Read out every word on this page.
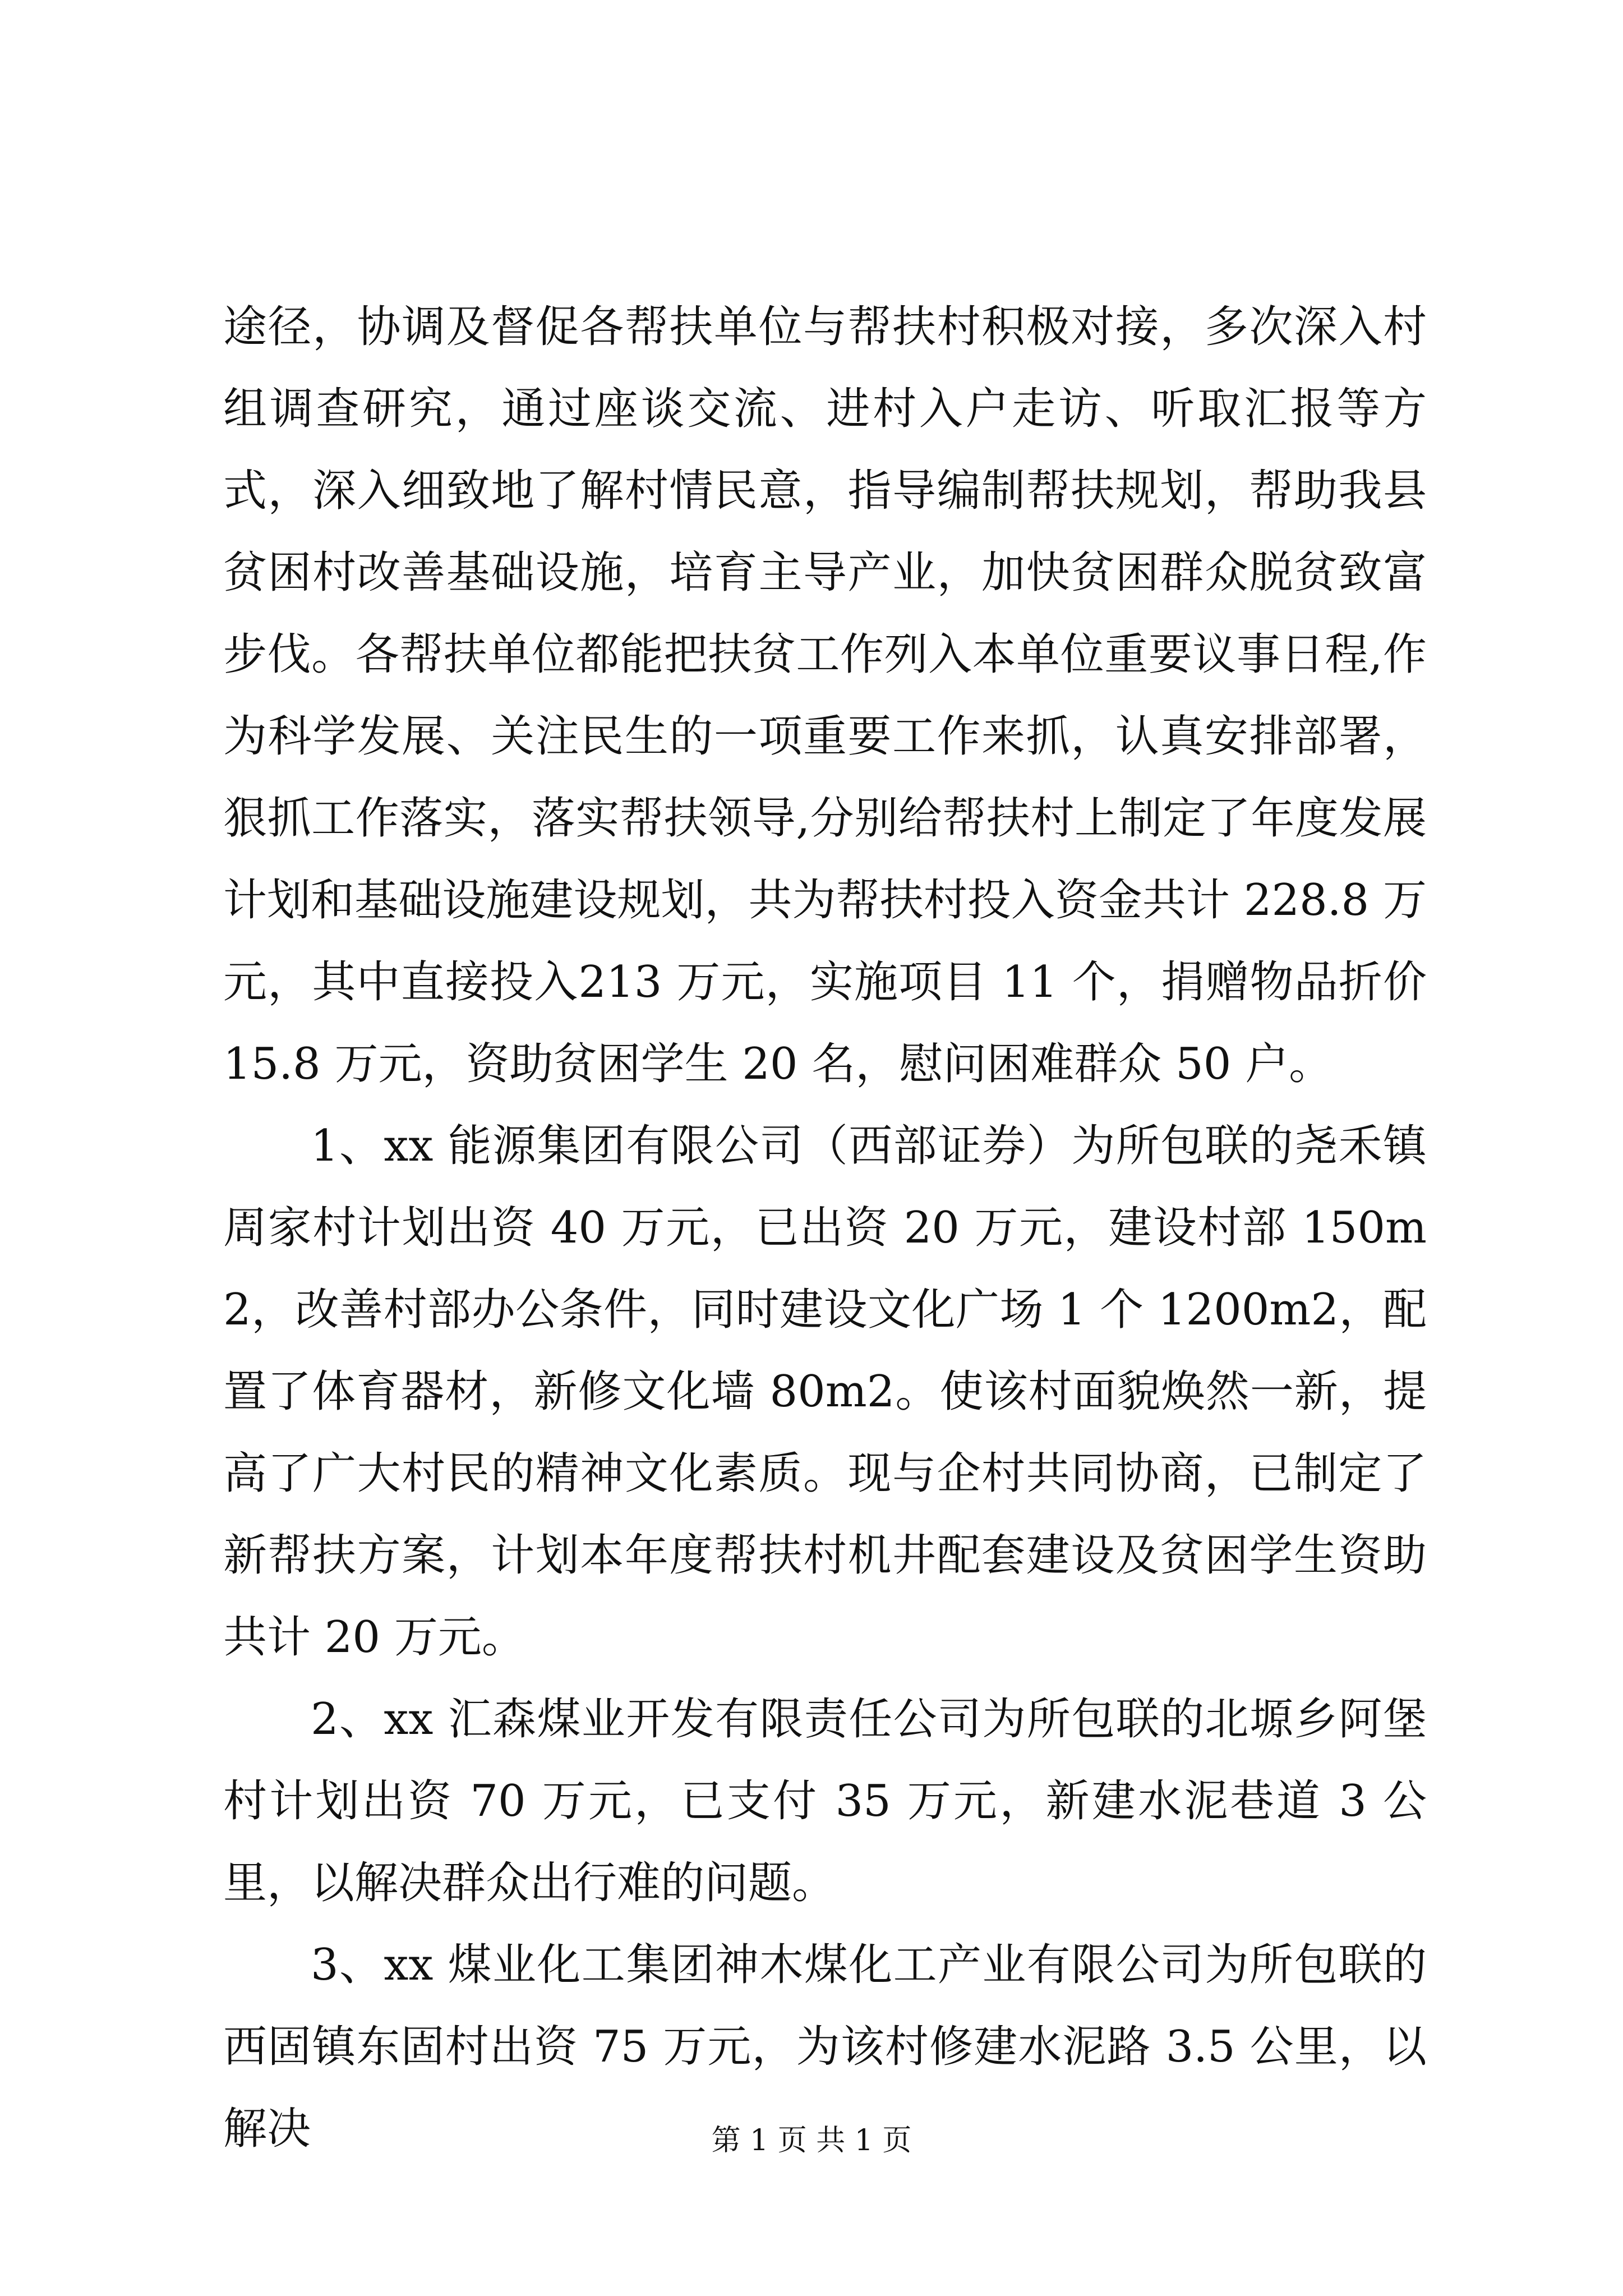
途径，协调及督促各帮扶单位与帮扶村积极对接，多次深入村组调查研究，通过座谈交流、进村入户走访、听取汇报等方式，深入细致地了解村情民意，指导编制帮扶规划，帮助我县贫困村改善基础设施，培育主导产业，加快贫困群众脱贫致富步伐。各帮扶单位都能把扶贫工作列入本单位重要议事日程,作为科学发展、关注民生的一项重要工作来抓，认真安排部署，狠抓工作落实，落实帮扶领导,分别给帮扶村上制定了年度发展计划和基础设施建设规划，共为帮扶村投入资金共计 228.8 万元，其中直接投入213 万元，实施项目 11 个，捐赠物品折价 15.8 万元，资助贫困学生 20 名，慰问困难群众 50 户。

1、xx 能源集团有限公司（西部证券）为所包联的尧禾镇周家村计划出资 40 万元，已出资 20 万元，建设村部 150m2，改善村部办公条件，同时建设文化广场 1 个 1200m2，配置了体育器材，新修文化墙 80m2。使该村面貌焕然一新，提高了广大村民的精神文化素质。现与企村共同协商，已制定了新帮扶方案，计划本年度帮扶村机井配套建设及贫困学生资助共计 20 万元。

2、xx 汇森煤业开发有限责任公司为所包联的北塬乡阿堡村计划出资 70 万元，已支付 35 万元，新建水泥巷道 3 公里，以解决群众出行难的问题。

3、xx 煤业化工集团神木煤化工产业有限公司为所包联的西固镇东固村出资 75 万元，为该村修建水泥路 3.5 公里，以解决	第 1 页 共 1 页
